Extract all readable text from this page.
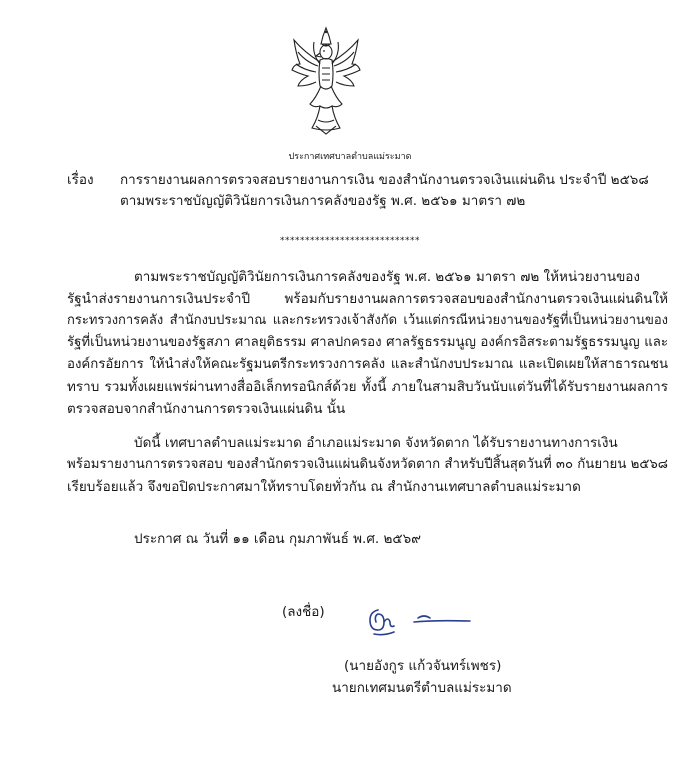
ประกาศเทศบาลตำบลแม่ระมาด
เรื่อง การรายงานผลการตรวจสอบรายงานการเงิน ของสำนักงานตรวจเงินแผ่นดิน ประจำปี ๒๕๖๘
ตามพระราชบัญญัติวินัยการเงินการคลังของรัฐ พ.ศ. ๒๕๖๑ มาตรา ๗๒
****************************
ตามพระราชบัญญัติวินัยการเงินการคลังของรัฐ พ.ศ. ๒๕๖๑ มาตรา ๗๒ ให้หน่วยงานของ
รัฐนำส่งรายงานการเงินประจำปี พร้อมกับรายงานผลการตรวจสอบของสำนักงานตรวจเงินแผ่นดินให้
กระทรวงการคลัง สำนักงบประมาณ และกระทรวงเจ้าสังกัด เว้นแต่กรณีหน่วยงานของรัฐที่เป็นหน่วยงานของ
รัฐที่เป็นหน่วยงานของรัฐสภา ศาลยุติธรรม ศาลปกครอง ศาลรัฐธรรมนูญ องค์กรอิสระตามรัฐธรรมนูญ และ
องค์กรอัยการ ให้นำส่งให้คณะรัฐมนตรีกระทรวงการคลัง และสำนักงบประมาณ และเปิดเผยให้สาธารณชน
ทราบ รวมทั้งเผยแพร่ผ่านทางสื่ออิเล็กทรอนิกส์ด้วย ทั้งนี้ ภายในสามสิบวันนับแต่วันที่ได้รับรายงานผลการ
ตรวจสอบจากสำนักงานการตรวจเงินแผ่นดิน นั้น
บัดนี้ เทศบาลตำบลแม่ระมาด อำเภอแม่ระมาด จังหวัดตาก ได้รับรายงานทางการเงิน
พร้อมรายงานการตรวจสอบ ของสำนักตรวจเงินแผ่นดินจังหวัดตาก สำหรับปีสิ้นสุดวันที่ ๓๐ กันยายน ๒๕๖๘
เรียบร้อยแล้ว จึงขอปิดประกาศมาให้ทราบโดยทั่วกัน ณ สำนักงานเทศบาลตำบลแม่ระมาด
ประกาศ ณ วันที่ ๑๑ เดือน กุมภาพันธ์ พ.ศ. ๒๕๖๙
(ลงชื่อ)
(นายอังกูร แก้วจันทร์เพชร)
นายกเทศมนตรีตำบลแม่ระมาด
